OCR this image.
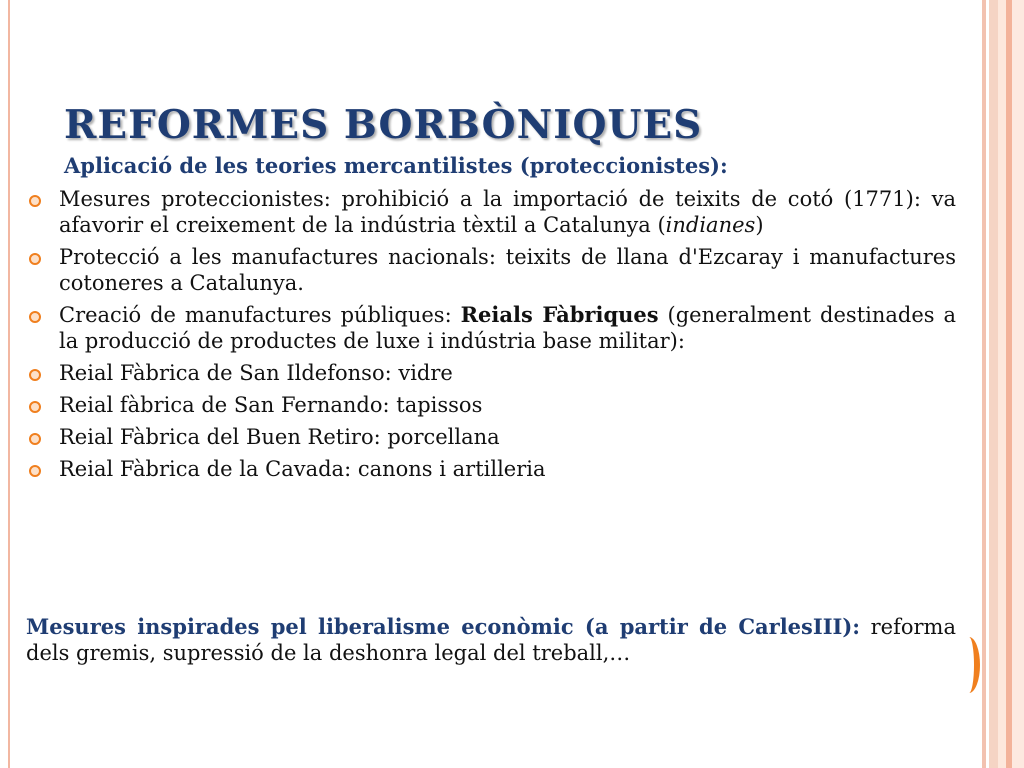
REFORMES BORBÒNIQUES

Aplicació de les teories mercantilistes (proteccionistes):

Mesures proteccionistes: prohibició a la importació de teixits de cotó (1771): va afavorir el creixement de la indústria tèxtil a Catalunya (indianes)
Protecció a les manufactures nacionals: teixits de llana d'Ezcaray i manufactures cotoneres a Catalunya.
Creació de manufactures públiques: Reials Fàbriques (generalment destinades a la producció de productes de luxe i indústria base militar):
Reial Fàbrica de San Ildefonso: vidre
Reial fàbrica de San Fernando: tapissos
Reial Fàbrica del Buen Retiro: porcellana
Reial Fàbrica de la Cavada: canons i artilleria

Mesures inspirades pel liberalisme econòmic (a partir de CarlesIII): reforma dels gremis, supressió de la deshonra legal del treball,…
